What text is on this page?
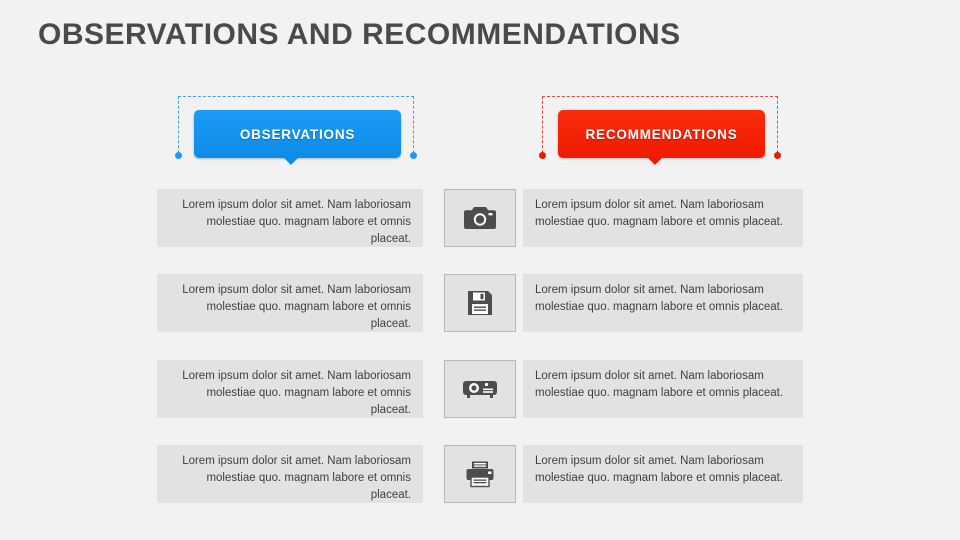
OBSERVATIONS AND RECOMMENDATIONS
OBSERVATIONS	RECOMMENDATIONS
Lorem ipsum dolor sit amet. Nam laboriosam molestiae quo. magnam labore et omnis placeat.
Lorem ipsum dolor sit amet. Nam laboriosam molestiae quo. magnam labore et omnis placeat.
Lorem ipsum dolor sit amet. Nam laboriosam molestiae quo. magnam labore et omnis placeat.
Lorem ipsum dolor sit amet. Nam laboriosam molestiae quo. magnam labore et omnis placeat.
Lorem ipsum dolor sit amet. Nam laboriosam molestiae quo. magnam labore et omnis placeat.
Lorem ipsum dolor sit amet. Nam laboriosam molestiae quo. magnam labore et omnis placeat.
Lorem ipsum dolor sit amet. Nam laboriosam molestiae quo. magnam labore et omnis placeat.
Lorem ipsum dolor sit amet. Nam laboriosam molestiae quo. magnam labore et omnis placeat.
